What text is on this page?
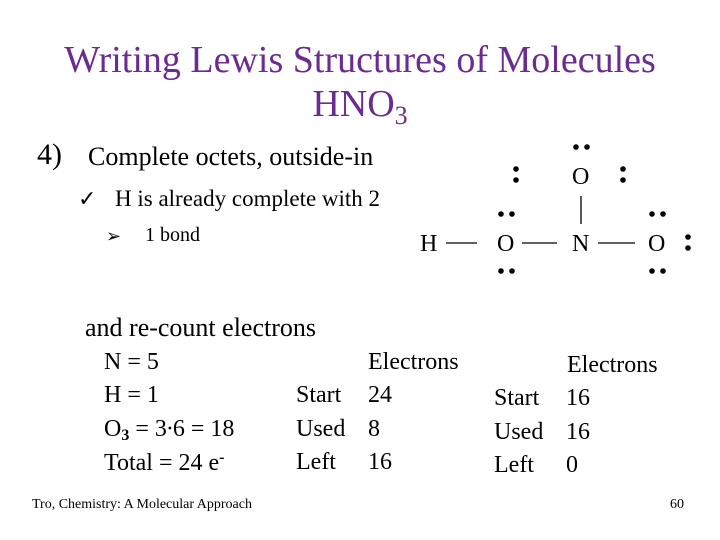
Writing Lewis Structures of Molecules
$HNO_3$
4) Complete octets, outside-in
✓ H is already complete with 2
➢ 1 bond
and re-count electrons
N = 5
H = 1
$O_3 = 3\cdot 6 = 18$
Total = 24 e-
Electrons
Start 24
Used 8
Left 16
Electrons
Start 16
Used 16
Left 0
H O N O
O
Tro, Chemistry: A Molecular Approach	60
